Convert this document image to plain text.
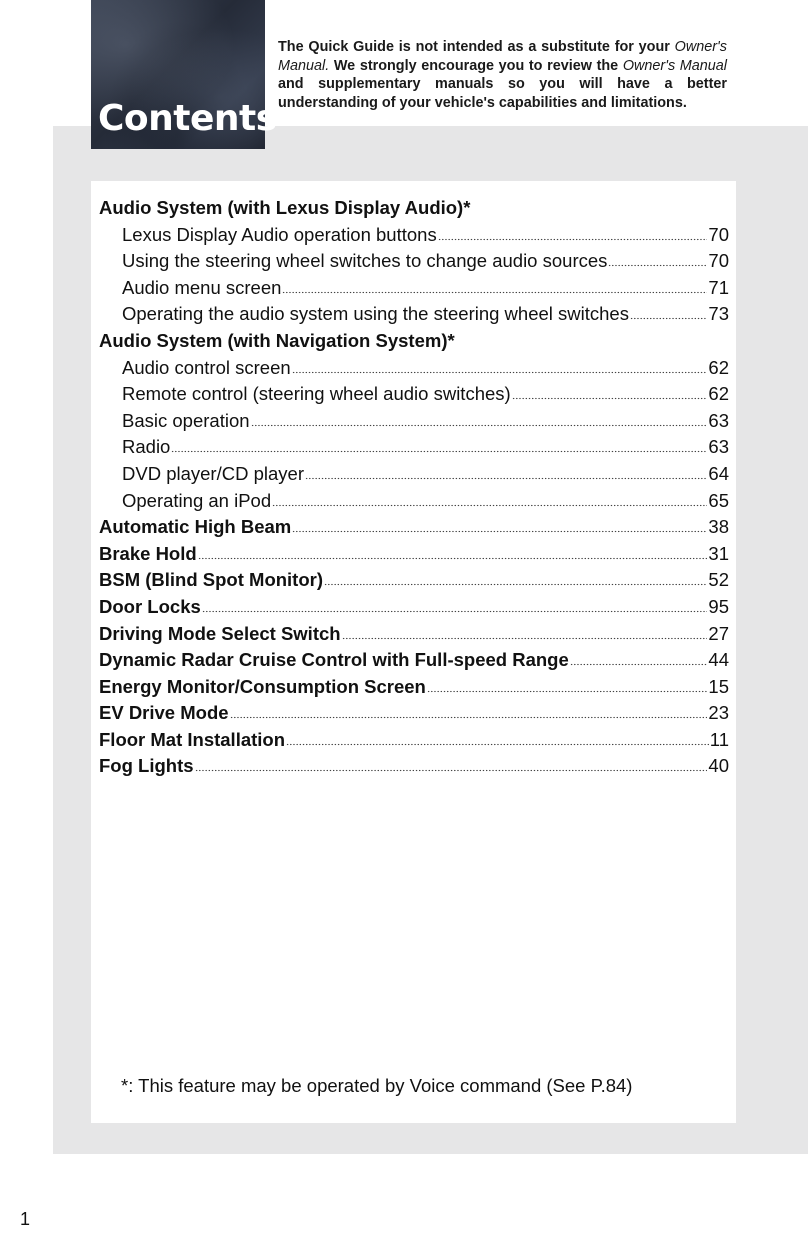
Contents
The Quick Guide is not intended as a substitute for your Owner's Manual. We strongly encourage you to review the Owner's Manual and supplementary manuals so you will have a better understanding of your vehicle's capabilities and limitations.
Audio System (with Lexus Display Audio)*
Lexus Display Audio operation buttons	70
Using the steering wheel switches to change audio sources	70
Audio menu screen	71
Operating the audio system using the steering wheel switches	73
Audio System (with Navigation System)*
Audio control screen	62
Remote control (steering wheel audio switches)	62
Basic operation	63
Radio	63
DVD player/CD player	64
Operating an iPod	65
Automatic High Beam	38
Brake Hold	31
BSM (Blind Spot Monitor)	52
Door Locks	95
Driving Mode Select Switch	27
Dynamic Radar Cruise Control with Full-speed Range	44
Energy Monitor/Consumption Screen	15
EV Drive Mode	23
Floor Mat Installation	11
Fog Lights	40
*: This feature may be operated by Voice command (See P.84)
1
